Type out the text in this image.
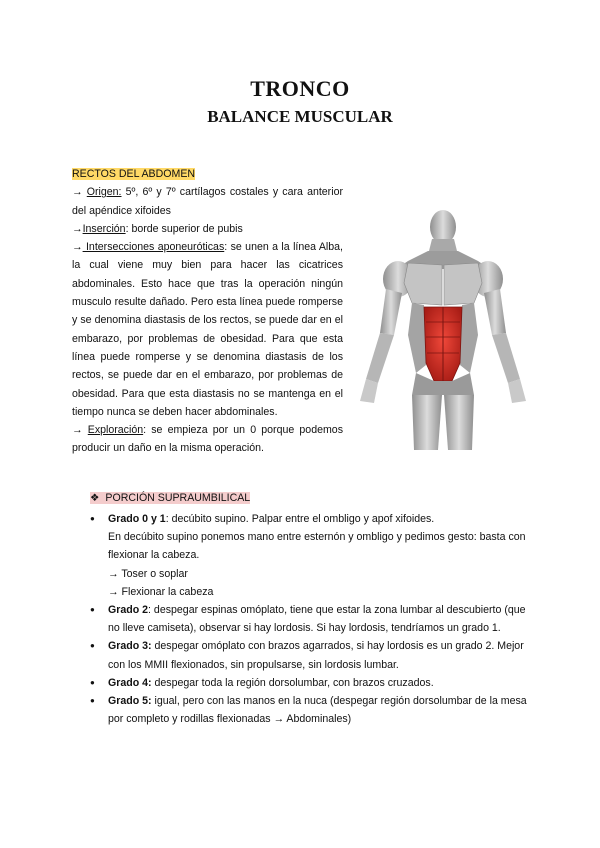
TRONCO
BALANCE MUSCULAR

RECTOS DEL ABDOMEN

→ Origen: 5º, 6º y 7º cartílagos costales y cara anterior del apéndice xifoides

→Inserción: borde superior de pubis

→ Intersecciones aponeuróticas: se unen a la línea Alba, la cual viene muy bien para hacer las cicatrices abdominales. Esto hace que tras la operación ningún musculo resulte dañado. Pero esta línea puede romperse y se denomina diastasis de los rectos, se puede dar en el embarazo, por problemas de obesidad. Para que esta línea puede romperse y se denomina diastasis de los rectos, se puede dar en el embarazo, por problemas de obesidad. Para que esta diastasis no se mantenga en el tiempo nunca se deben hacer abdominales.

→ Exploración: se empieza por un 0 porque podemos producir un daño en la misma operación.

❖ PORCIÓN SUPRAUMBILICAL
● Grado 0 y 1: decúbito supino. Palpar entre el ombligo y apof xifoides.
En decúbito supino ponemos mano entre esternón y ombligo y pedimos gesto: basta con flexionar la cabeza.
→ Toser o soplar
→ Flexionar la cabeza
● Grado 2: despegar espinas omóplato, tiene que estar la zona lumbar al descubierto (que no lleve camiseta), observar si hay lordosis. Si hay lordosis, tendríamos un grado 1.
● Grado 3: despegar omóplato con brazos agarrados, si hay lordosis es un grado 2. Mejor con los MMII flexionados, sin propulsarse, sin lordosis lumbar.
● Grado 4: despegar toda la región dorsolumbar, con brazos cruzados.
● Grado 5: igual, pero con las manos en la nuca (despegar región dorsolumbar de la mesa por completo y rodillas flexionadas → Abdominales)
